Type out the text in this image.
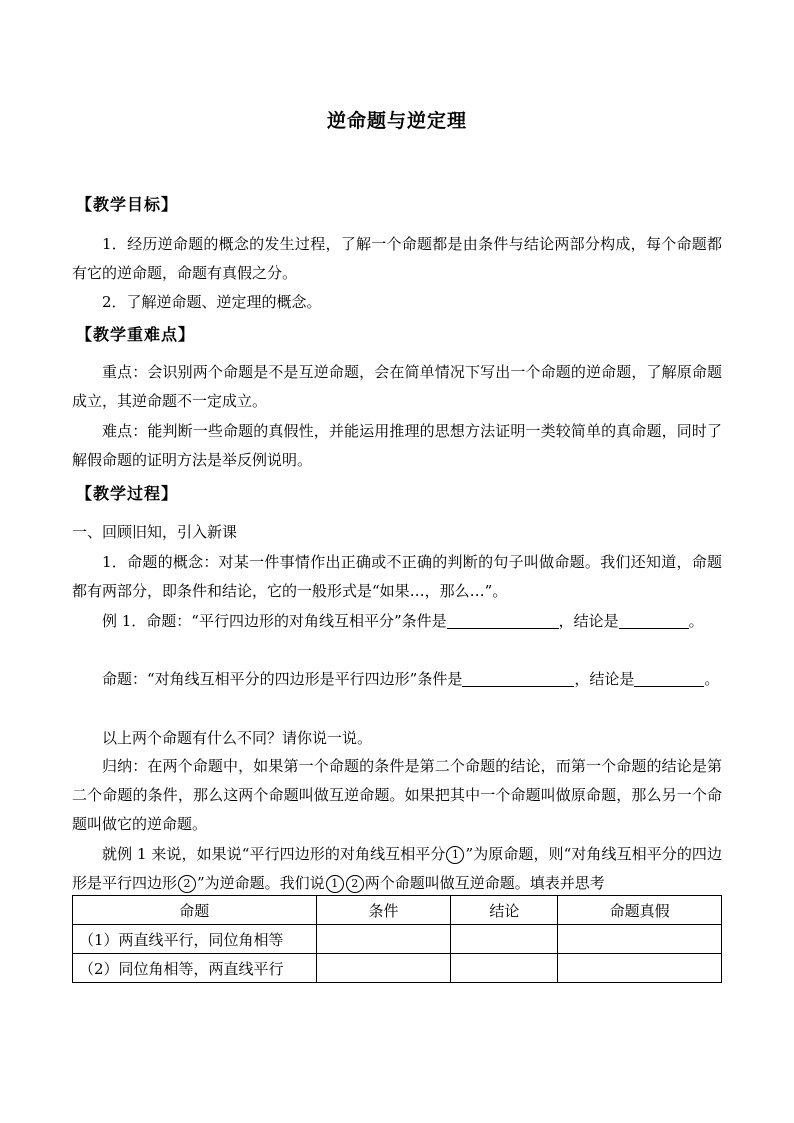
逆命题与逆定理
【教学目标】
1．经历逆命题的概念的发生过程，了解一个命题都是由条件与结论两部分构成，每个命题都有它的逆命题，命题有真假之分。
2．了解逆命题、逆定理的概念。
【教学重难点】
重点：会识别两个命题是不是互逆命题，会在简单情况下写出一个命题的逆命题，了解原命题成立，其逆命题不一定成立。
难点：能判断一些命题的真假性，并能运用推理的思想方法证明一类较简单的真命题，同时了解假命题的证明方法是举反例说明。
【教学过程】
一、回顾旧知，引入新课
1．命题的概念：对某一件事情作出正确或不正确的判断的句子叫做命题。我们还知道，命题都有两部分，即条件和结论，它的一般形式是“如果…，那么…”。
例 1．命题：“平行四边形的对角线互相平分”条件是	，结论是	。
命题：“对角线互相平分的四边形是平行四边形”条件是	，结论是	。
以上两个命题有什么不同？请你说一说。
归纳：在两个命题中，如果第一个命题的条件是第二个命题的结论，而第一个命题的结论是第二个命题的条件，那么这两个命题叫做互逆命题。如果把其中一个命题叫做原命题，那么另一个命题叫做它的逆命题。
就例 1 来说，如果说“平行四边形的对角线互相平分 1 ”为原命题，则“对角线互相平分的四边形是平行四边形 2 ”为逆命题。我们说 1 2 两个命题叫做互逆命题。填表并思考
命题	条件	结论	命题真假
（1）两直线平行，同位角相等			
（2）同位角相等，两直线平行			
